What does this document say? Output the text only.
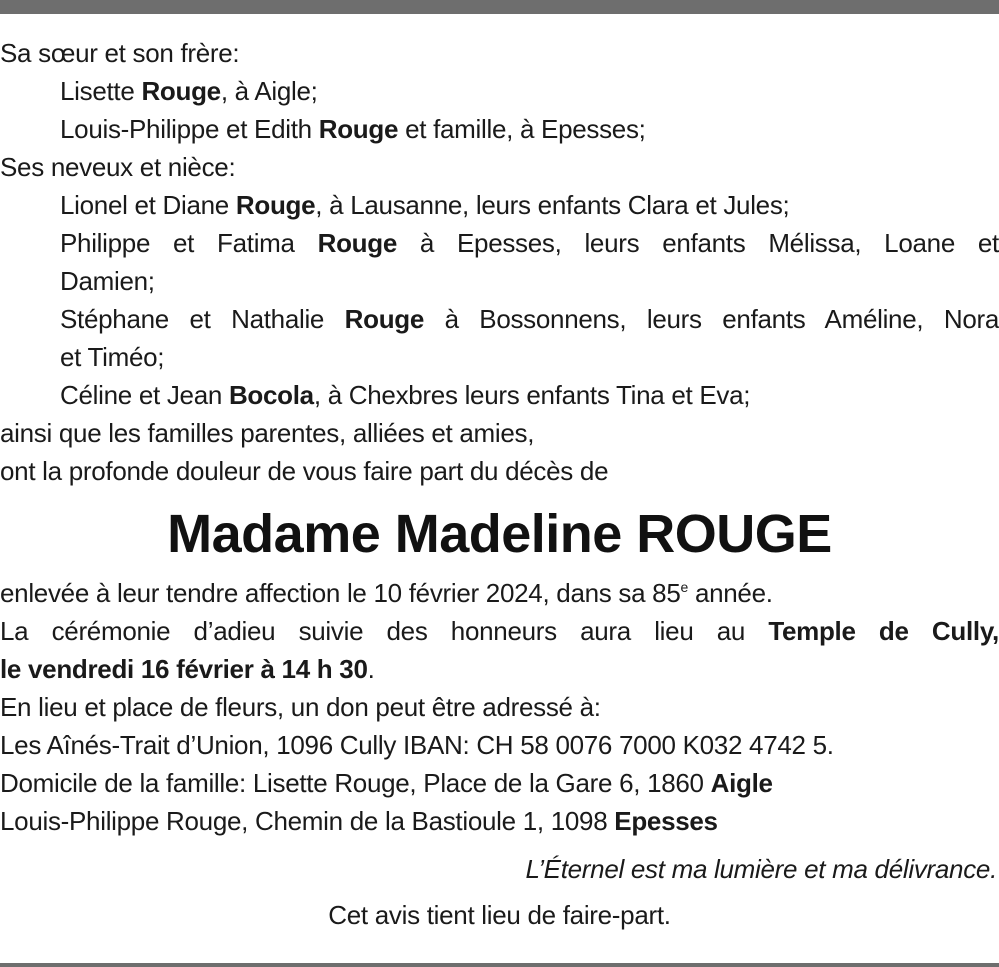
Sa sœur et son frère:
Lisette Rouge, à Aigle;
Louis-Philippe et Edith Rouge et famille, à Epesses;
Ses neveux et nièce:
Lionel et Diane Rouge, à Lausanne, leurs enfants Clara et Jules;
Philippe et Fatima Rouge à Epesses, leurs enfants Mélissa, Loane et
Damien;
Stéphane et Nathalie Rouge à Bossonnens, leurs enfants Améline, Nora
et Timéo;
Céline et Jean Bocola, à Chexbres leurs enfants Tina et Eva;
ainsi que les familles parentes, alliées et amies,
ont la profonde douleur de vous faire part du décès de
Madame Madeline ROUGE
enlevée à leur tendre affection le 10 février 2024, dans sa 85e année.
La cérémonie d’adieu suivie des honneurs aura lieu au Temple de Cully,
le vendredi 16 février à 14 h 30.
En lieu et place de fleurs, un don peut être adressé à:
Les Aînés-Trait d’Union, 1096 Cully IBAN: CH 58 0076 7000 K032 4742 5.
Domicile de la famille: Lisette Rouge, Place de la Gare 6, 1860 Aigle
Louis-Philippe Rouge, Chemin de la Bastioule 1, 1098 Epesses
L’Éternel est ma lumière et ma délivrance.
Cet avis tient lieu de faire-part.
